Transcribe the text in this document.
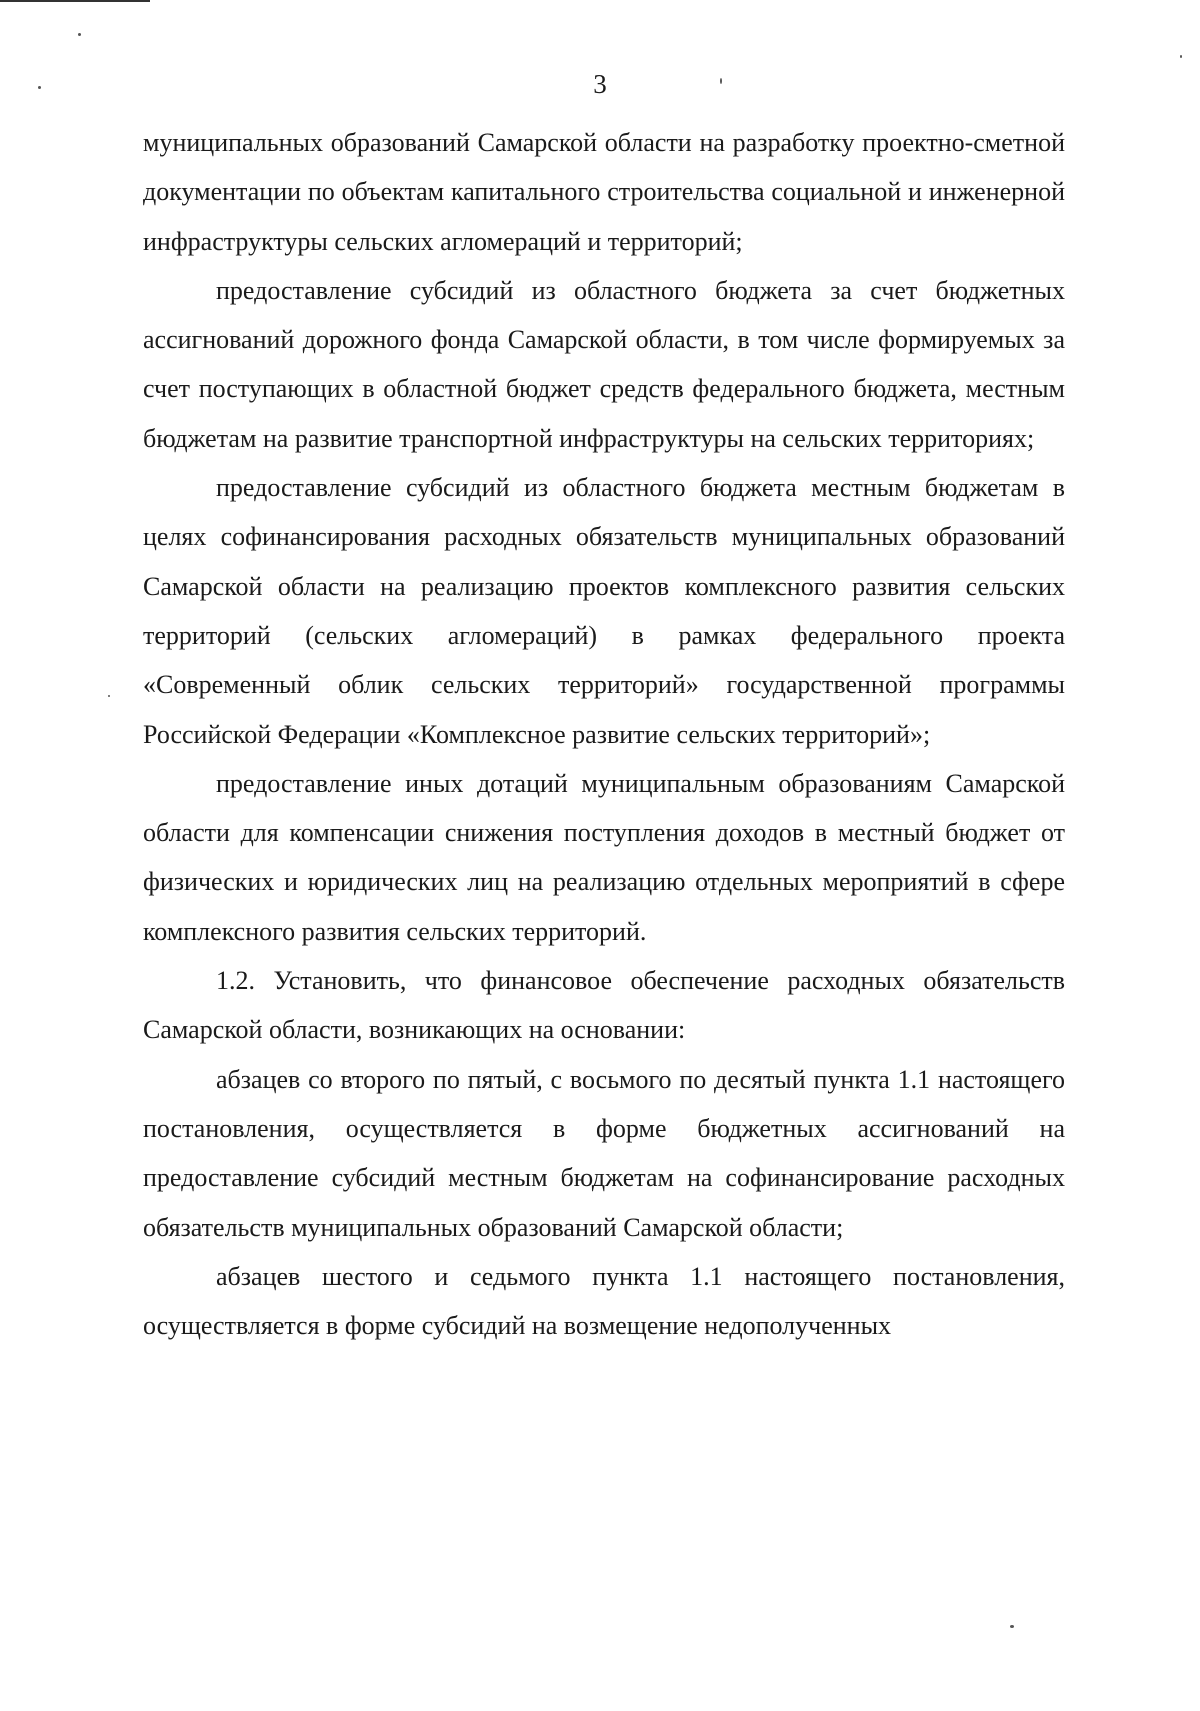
3

муниципальных образований Самарской области на разработку проектно-сметной документации по объектам капитального строительства социальной и инженерной инфраструктуры сельских агломераций и территорий;

предоставление субсидий из областного бюджета за счет бюджетных ассигнований дорожного фонда Самарской области, в том числе формируемых за счет поступающих в областной бюджет средств федерального бюджета, местным бюджетам на развитие транспортной инфраструктуры на сельских территориях;

предоставление субсидий из областного бюджета местным бюджетам в целях софинансирования расходных обязательств муниципальных образований Самарской области на реализацию проектов комплексного развития сельских территорий (сельских агломераций) в рамках федерального проекта «Современный облик сельских территорий» государственной программы Российской Федерации «Комплексное развитие сельских территорий»;

предоставление иных дотаций муниципальным образованиям Самарской области для компенсации снижения поступления доходов в местный бюджет от физических и юридических лиц на реализацию отдельных мероприятий в сфере комплексного развития сельских территорий.

1.2. Установить, что финансовое обеспечение расходных обязательств Самарской области, возникающих на основании:

абзацев со второго по пятый, с восьмого по десятый пункта 1.1 настоящего постановления, осуществляется в форме бюджетных ассигнований на предоставление субсидий местным бюджетам на софинансирование расходных обязательств муниципальных образований Самарской области;

абзацев шестого и седьмого пункта 1.1 настоящего постановления, осуществляется в форме субсидий на возмещение недополученных
